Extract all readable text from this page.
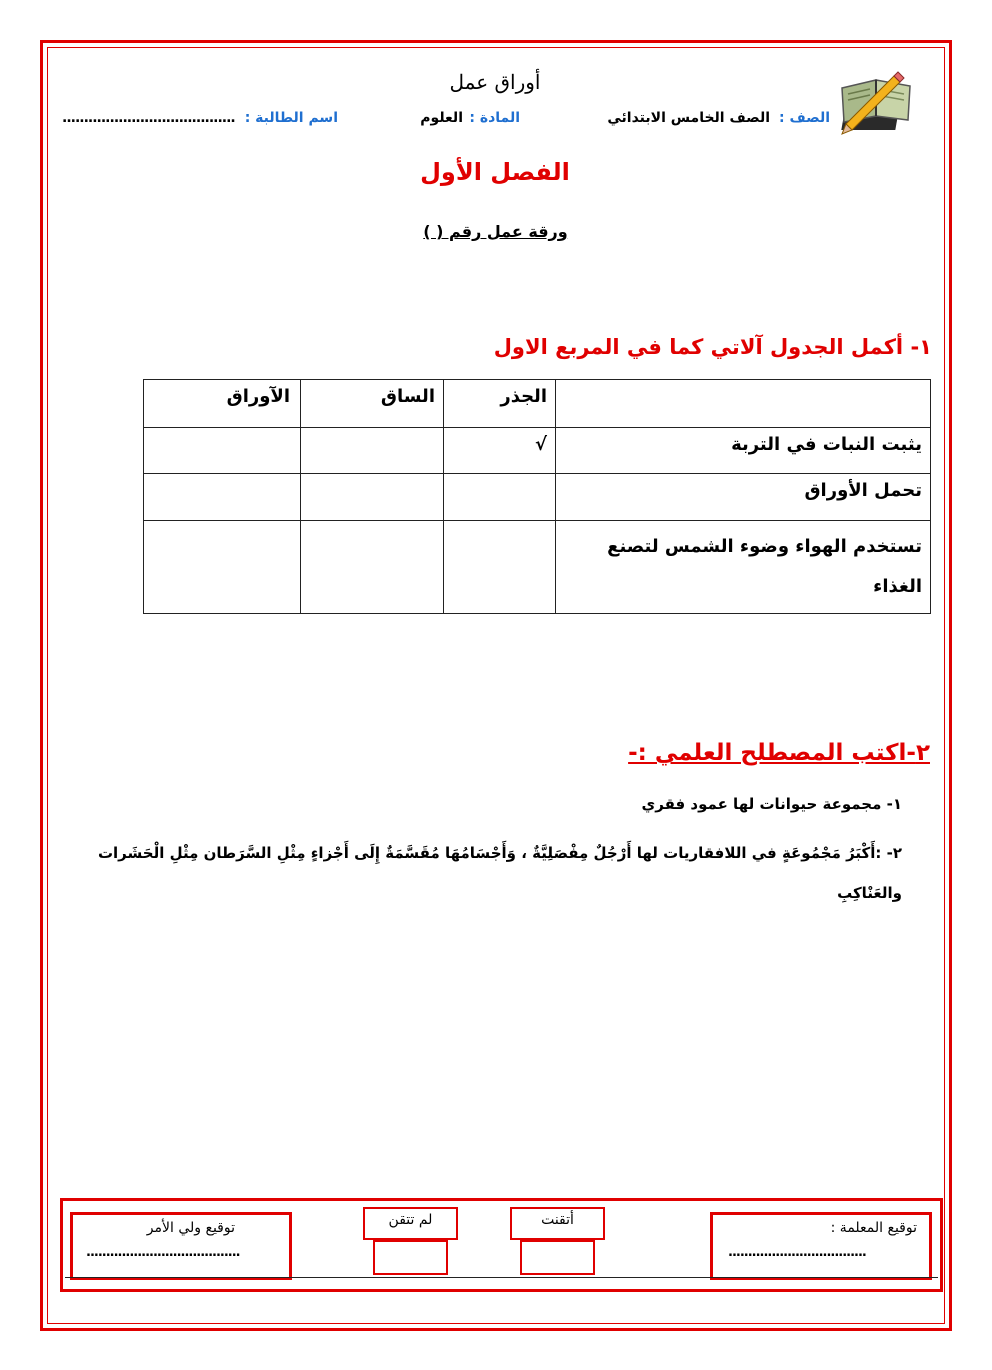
أوراق عمل
الصف :
الصف الخامس الابتدائي
المادة :
العلوم
اسم الطالبة :
........................................
الفصل الأول
ورقة عمل رقم ( )
١- أكمل الجدول آلاتي كما في المربع الاول
	الجذر	الساق	الآوراق
يثبت النبات في التربة	√		
تحمل الأوراق			
تستخدم الهواء وضوء الشمس لتصنع الغذاء			
٢-اكتب المصطلح العلمي :-
١- مجموعة حيوانات لها عمود فقري
٢- :أَكْبَرُ مَجْمُوعَةٍ في اللافقاريات لها أَرْجُلٌ مِفْصَلِيَّةٌ ، وَأَجْسَامُهَا مُقَسَّمَةٌ إِلَى أَجْزاءٍ مِثْلِ السَّرَطان مِثْلِ الْحَشَرات والعَنْاكِبِ
توقيع المعلمة :
...................................
أتقنت
لم تتقن
توقيع ولي الأمر
.......................................
